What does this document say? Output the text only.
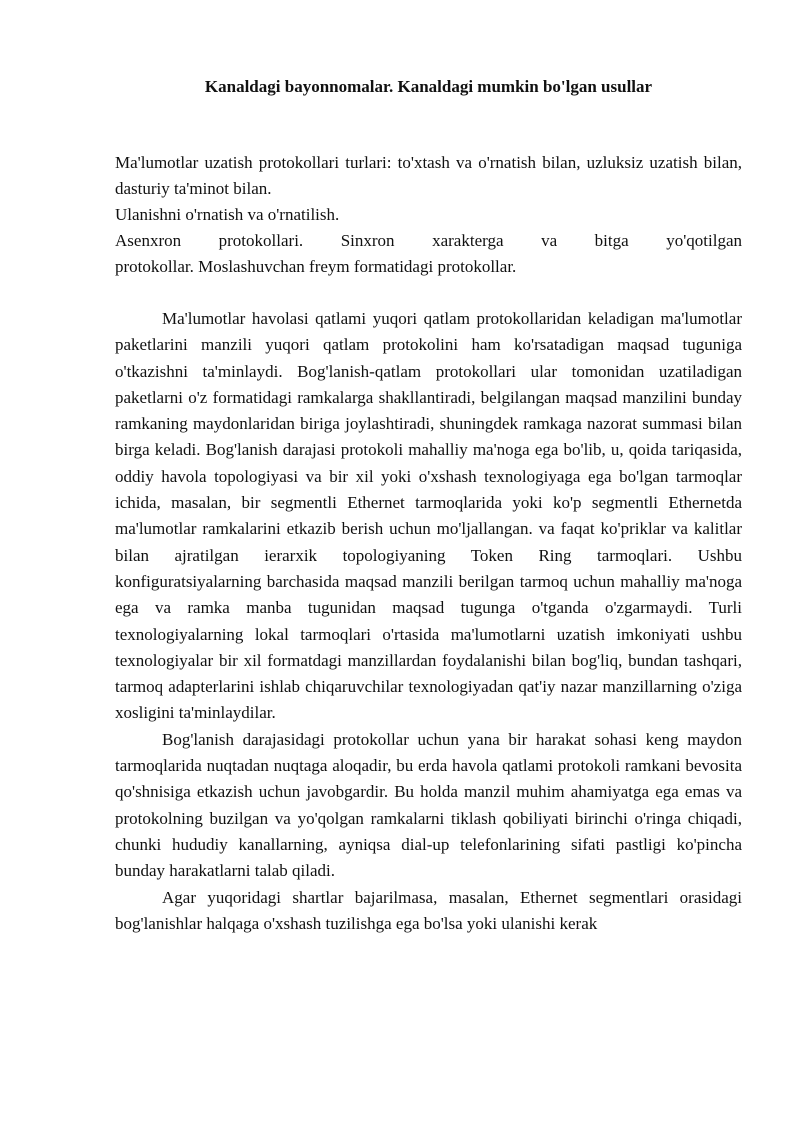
Kanaldagi bayonnomalar. Kanaldagi mumkin bo'lgan usullar

Ma'lumotlar uzatish protokollari turlari: to'xtash va o'rnatish bilan, uzluksiz uzatish bilan, dasturiy ta'minot bilan.

Ulanishni o'rnatish va o'rnatilish.

Asenxron protokollari. Sinxron xarakterga va bitga yo'qotilgan

protokollar. Moslashuvchan freym formatidagi protokollar.

Ma'lumotlar havolasi qatlami yuqori qatlam protokollaridan keladigan ma'lumotlar paketlarini manzili yuqori qatlam protokolini ham ko'rsatadigan maqsad tuguniga o'tkazishni ta'minlaydi. Bog'lanish-qatlam protokollari ular tomonidan uzatiladigan paketlarni o'z formatidagi ramkalarga shakllantiradi, belgilangan maqsad manzilini bunday ramkaning maydonlaridan biriga joylashtiradi, shuningdek ramkaga nazorat summasi bilan birga keladi. Bog'lanish darajasi protokoli mahalliy ma'noga ega bo'lib, u, qoida tariqasida, oddiy havola topologiyasi va bir xil yoki o'xshash texnologiyaga ega bo'lgan tarmoqlar ichida, masalan, bir segmentli Ethernet tarmoqlarida yoki ko'p segmentli Ethernetda ma'lumotlar ramkalarini etkazib berish uchun mo'ljallangan. va faqat ko'priklar va kalitlar bilan ajratilgan ierarxik topologiyaning Token Ring tarmoqlari. Ushbu konfiguratsiyalarning barchasida maqsad manzili berilgan tarmoq uchun mahalliy ma'noga ega va ramka manba tugunidan maqsad tugunga o'tganda o'zgarmaydi. Turli texnologiyalarning lokal tarmoqlari o'rtasida ma'lumotlarni uzatish imkoniyati ushbu texnologiyalar bir xil formatdagi manzillardan foydalanishi bilan bog'liq, bundan tashqari, tarmoq adapterlarini ishlab chiqaruvchilar texnologiyadan qat'iy nazar manzillarning o'ziga xosligini ta'minlaydilar.

Bog'lanish darajasidagi protokollar uchun yana bir harakat sohasi keng maydon tarmoqlarida nuqtadan nuqtaga aloqadir, bu erda havola qatlami protokoli ramkani bevosita qo'shnisiga etkazish uchun javobgardir. Bu holda manzil muhim ahamiyatga ega emas va protokolning buzilgan va yo'qolgan ramkalarni tiklash qobiliyati birinchi o'ringa chiqadi, chunki hududiy kanallarning, ayniqsa dial-up telefonlarining sifati pastligi ko'pincha bunday harakatlarni talab qiladi.

Agar yuqoridagi shartlar bajarilmasa, masalan, Ethernet segmentlari orasidagi bog'lanishlar halqaga o'xshash tuzilishga ega bo'lsa yoki ulanishi kerak
